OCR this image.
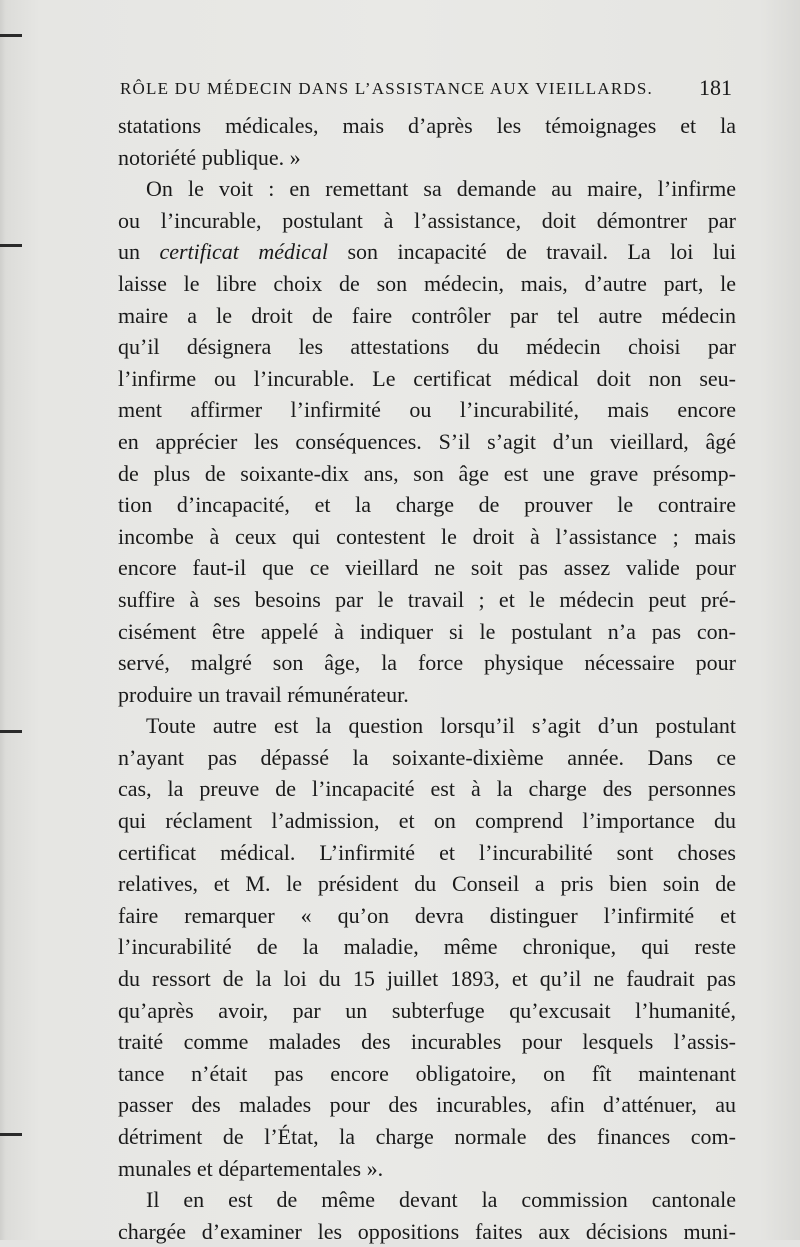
RÔLE DU MÉDECIN DANS L’ASSISTANCE AUX VIEILLARDS. 181
statations médicales, mais d’après les témoignages et la
notoriété publique. »
On le voit : en remettant sa demande au maire, l’infirme
ou l’incurable, postulant à l’assistance, doit démontrer par
un certificat médical son incapacité de travail. La loi lui
laisse le libre choix de son médecin, mais, d’autre part, le
maire a le droit de faire contrôler par tel autre médecin
qu’il désignera les attestations du médecin choisi par
l’infirme ou l’incurable. Le certificat médical doit non seu-
ment affirmer l’infirmité ou l’incurabilité, mais encore
en apprécier les conséquences. S’il s’agit d’un vieillard, âgé
de plus de soixante-dix ans, son âge est une grave présomp-
tion d’incapacité, et la charge de prouver le contraire
incombe à ceux qui contestent le droit à l’assistance ; mais
encore faut-il que ce vieillard ne soit pas assez valide pour
suffire à ses besoins par le travail ; et le médecin peut pré-
cisément être appelé à indiquer si le postulant n’a pas con-
servé, malgré son âge, la force physique nécessaire pour
produire un travail rémunérateur.
Toute autre est la question lorsqu’il s’agit d’un postulant
n’ayant pas dépassé la soixante-dixième année. Dans ce
cas, la preuve de l’incapacité est à la charge des personnes
qui réclament l’admission, et on comprend l’importance du
certificat médical. L’infirmité et l’incurabilité sont choses
relatives, et M. le président du Conseil a pris bien soin de
faire remarquer « qu’on devra distinguer l’infirmité et
l’incurabilité de la maladie, même chronique, qui reste
du ressort de la loi du 15 juillet 1893, et qu’il ne faudrait pas
qu’après avoir, par un subterfuge qu’excusait l’humanité,
traité comme malades des incurables pour lesquels l’assis-
tance n’était pas encore obligatoire, on fît maintenant
passer des malades pour des incurables, afin d’atténuer, au
détriment de l’État, la charge normale des finances com-
munales et départementales ».
Il en est de même devant la commission cantonale
chargée d’examiner les oppositions faites aux décisions muni-
